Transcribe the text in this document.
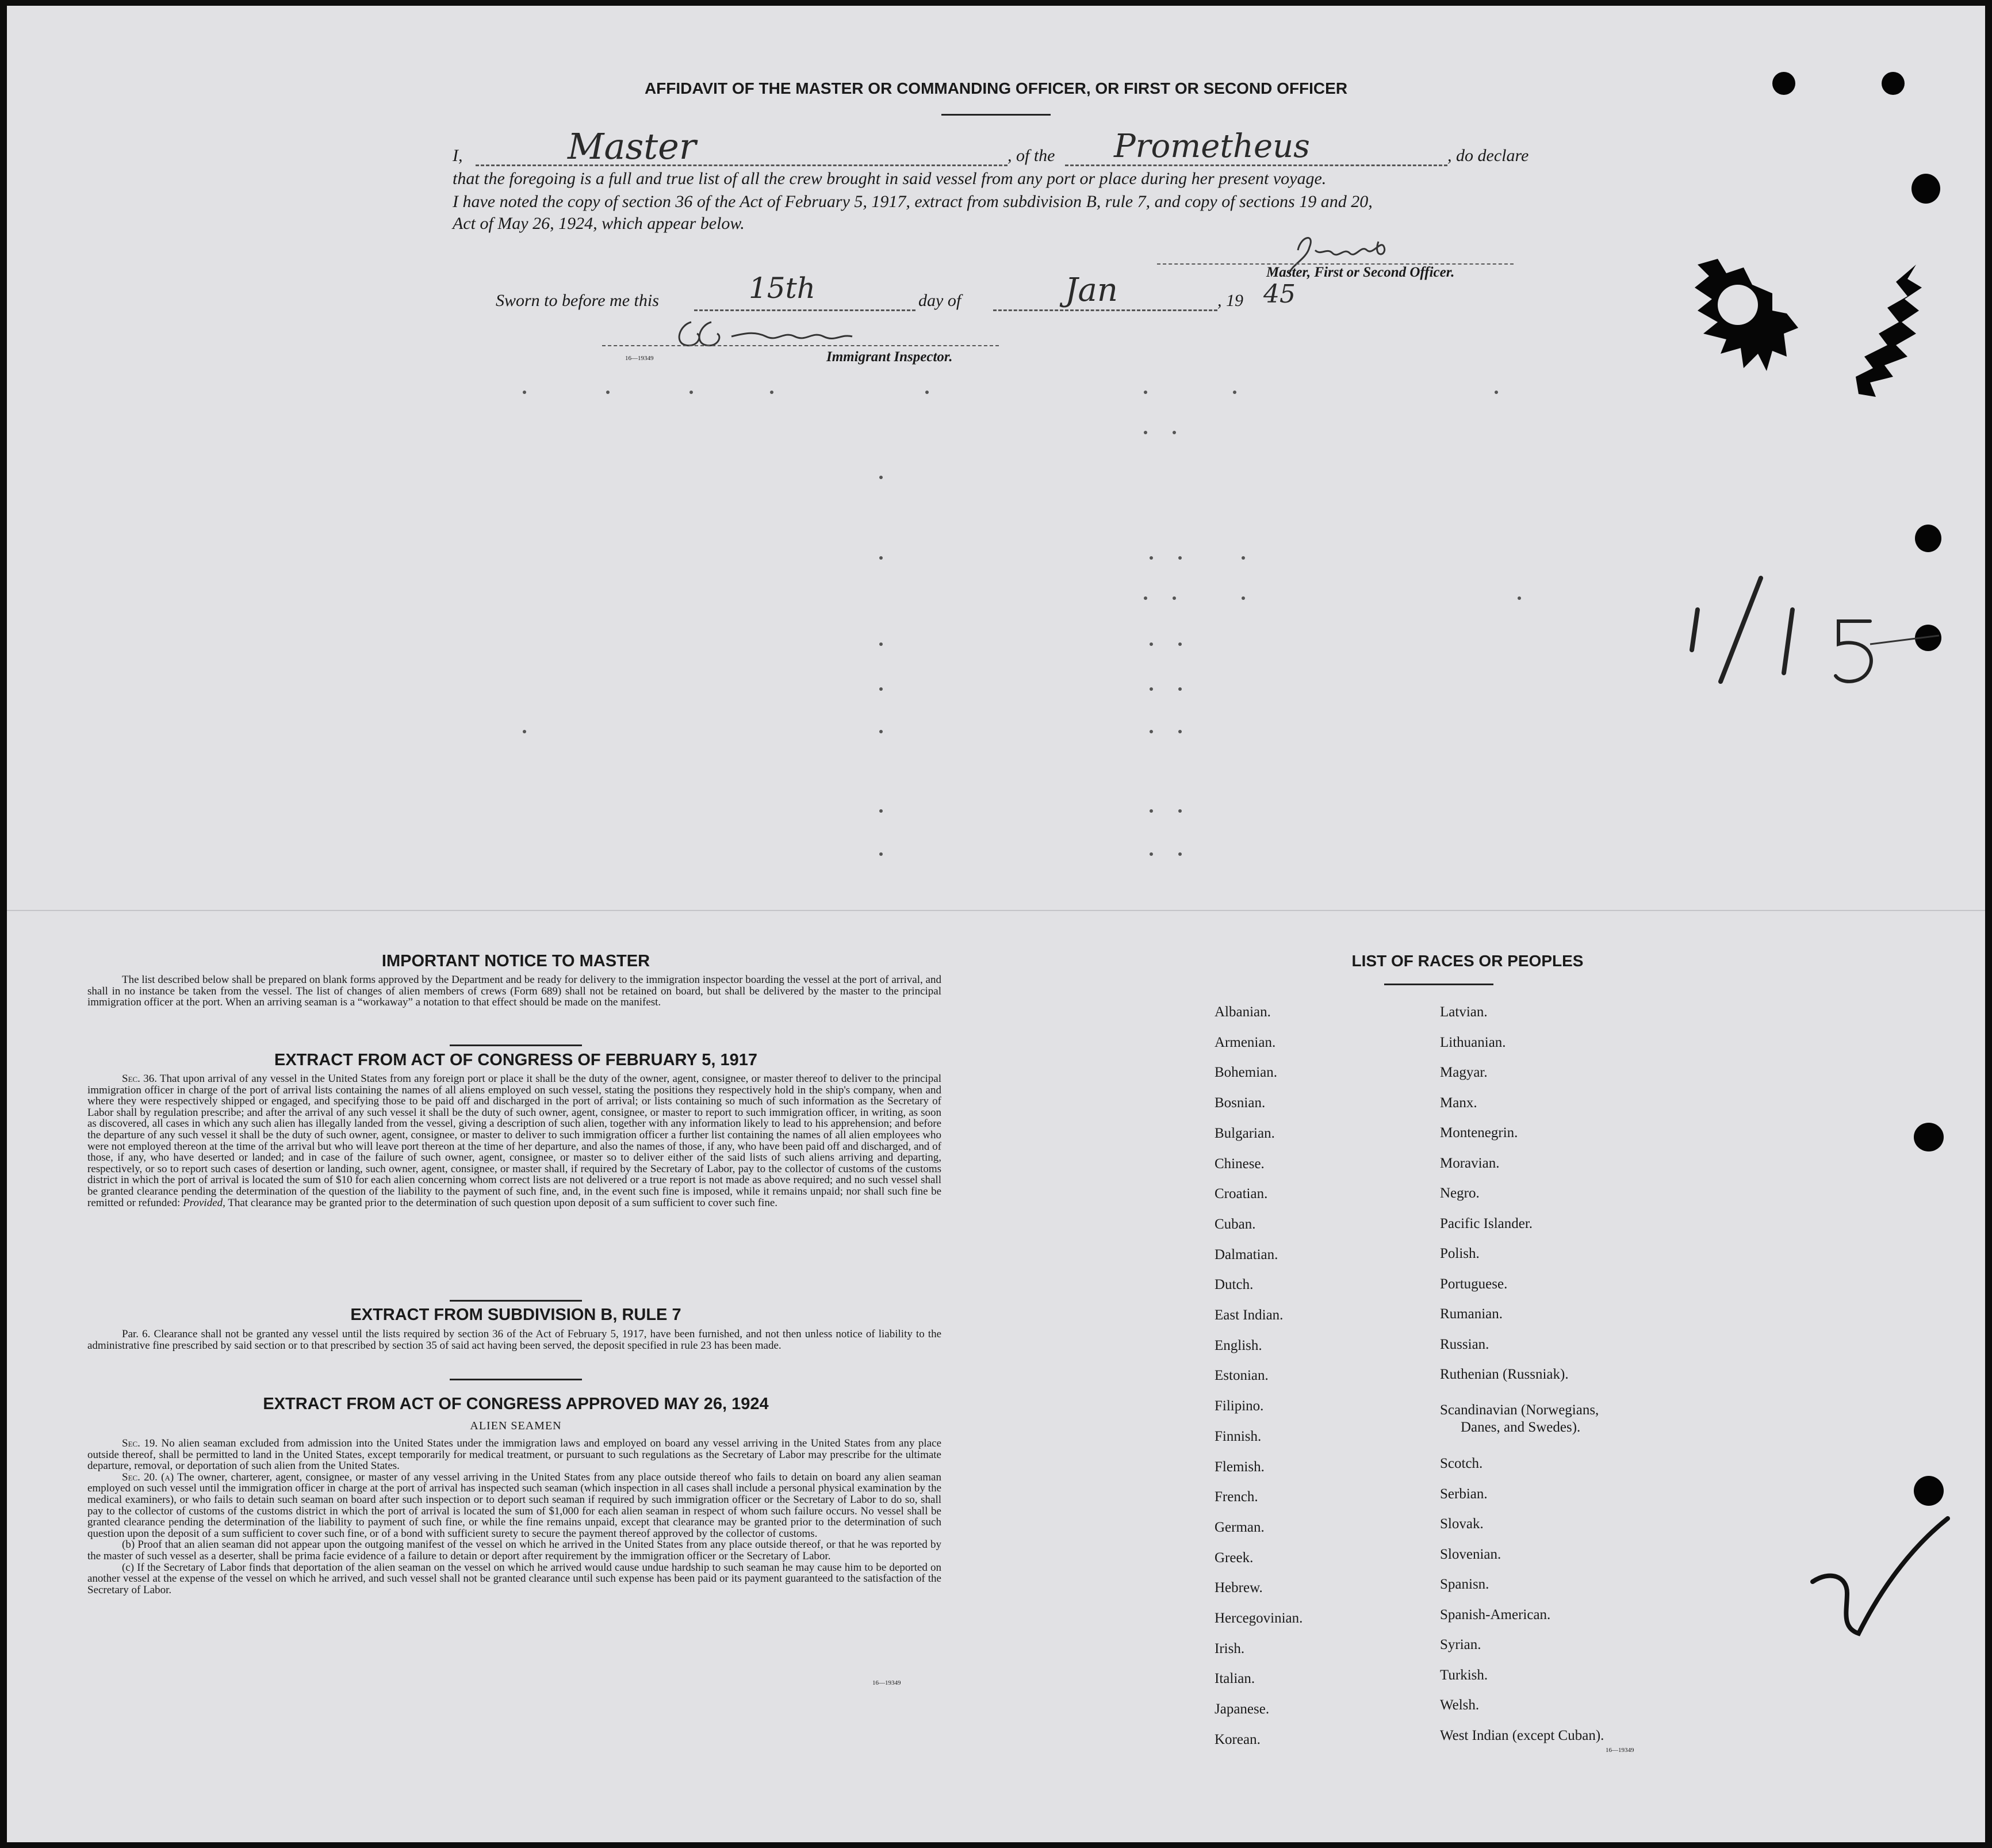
AFFIDAVIT OF THE MASTER OR COMMANDING OFFICER, OR FIRST OR SECOND OFFICER
I,	Master	, of the Prometheus	, do declare
that the foregoing is a full and true list of all the crew brought in said vessel from any port or place during her present voyage.
I have noted the copy of section 36 of the Act of February 5, 1917, extract from subdivision B, rule 7, and copy of sections 19 and 20,
Act of May 26, 1924, which appear below.
Master, First or Second Officer.
Sworn to before me this	15th	day of	Jan	, 19 45
16—19349	Immigrant Inspector.
IMPORTANT NOTICE TO MASTER
The list described below shall be prepared on blank forms approved by the Department and be ready for delivery to the immigration inspector boarding the vessel at the port of arrival, and shall in no instance be taken from the vessel. The list of changes of alien members of crews (Form 689) shall not be retained on board, but shall be delivered by the master to the principal immigration officer at the port. When an arriving seaman is a “workaway” a notation to that effect should be made on the manifest.
EXTRACT FROM ACT OF CONGRESS OF FEBRUARY 5, 1917
Sec. 36. That upon arrival of any vessel in the United States from any foreign port or place it shall be the duty of the owner, agent, consignee, or master thereof to deliver to the principal immigration officer in charge of the port of arrival lists containing the names of all aliens employed on such vessel, stating the positions they respectively hold in the ship's company, when and where they were respectively shipped or engaged, and specifying those to be paid off and discharged in the port of arrival; or lists containing so much of such information as the Secretary of Labor shall by regulation prescribe; and after the arrival of any such vessel it shall be the duty of such owner, agent, consignee, or master to report to such immigration officer, in writing, as soon as discovered, all cases in which any such alien has illegally landed from the vessel, giving a description of such alien, together with any information likely to lead to his apprehension; and before the departure of any such vessel it shall be the duty of such owner, agent, consignee, or master to deliver to such immigration officer a further list containing the names of all alien employees who were not employed thereon at the time of the arrival but who will leave port thereon at the time of her departure, and also the names of those, if any, who have been paid off and discharged, and of those, if any, who have deserted or landed; and in case of the failure of such owner, agent, consignee, or master so to deliver either of the said lists of such aliens arriving and departing, respectively, or so to report such cases of desertion or landing, such owner, agent, consignee, or master shall, if required by the Secretary of Labor, pay to the collector of customs of the customs district in which the port of arrival is located the sum of $10 for each alien concerning whom correct lists are not delivered or a true report is not made as above required; and no such vessel shall be granted clearance pending the determination of the question of the liability to the payment of such fine, and, in the event such fine is imposed, while it remains unpaid; nor shall such fine be remitted or refunded: Provided, That clearance may be granted prior to the determination of such question upon deposit of a sum sufficient to cover such fine.
EXTRACT FROM SUBDIVISION B, RULE 7
Par. 6. Clearance shall not be granted any vessel until the lists required by section 36 of the Act of February 5, 1917, have been furnished, and not then unless notice of liability to the administrative fine prescribed by said section or to that prescribed by section 35 of said act having been served, the deposit specified in rule 23 has been made.
EXTRACT FROM ACT OF CONGRESS APPROVED MAY 26, 1924
ALIEN SEAMEN
Sec. 19. No alien seaman excluded from admission into the United States under the immigration laws and employed on board any vessel arriving in the United States from any place outside thereof, shall be permitted to land in the United States, except temporarily for medical treatment, or pursuant to such regulations as the Secretary of Labor may prescribe for the ultimate departure, removal, or deportation of such alien from the United States.
Sec. 20. (a) The owner, charterer, agent, consignee, or master of any vessel arriving in the United States from any place outside thereof who fails to detain on board any alien seaman employed on such vessel until the immigration officer in charge at the port of arrival has inspected such seaman (which inspection in all cases shall include a personal physical examination by the medical examiners), or who fails to detain such seaman on board after such inspection or to deport such seaman if required by such immigration officer or the Secretary of Labor to do so, shall pay to the collector of customs of the customs district in which the port of arrival is located the sum of $1,000 for each alien seaman in respect of whom such failure occurs. No vessel shall be granted clearance pending the determination of the liability to payment of such fine, or while the fine remains unpaid, except that clearance may be granted prior to the determination of such question upon the deposit of a sum sufficient to cover such fine, or of a bond with sufficient surety to secure the payment thereof approved by the collector of customs.
(b) Proof that an alien seaman did not appear upon the outgoing manifest of the vessel on which he arrived in the United States from any place outside thereof, or that he was reported by the master of such vessel as a deserter, shall be prima facie evidence of a failure to detain or deport after requirement by the immigration officer or the Secretary of Labor.
(c) If the Secretary of Labor finds that deportation of the alien seaman on the vessel on which he arrived would cause undue hardship to such seaman he may cause him to be deported on another vessel at the expense of the vessel on which he arrived, and such vessel shall not be granted clearance until such expense has been paid or its payment guaranteed to the satisfaction of the Secretary of Labor.
16—19349
LIST OF RACES OR PEOPLES
Albanian.
Armenian.
Bohemian.
Bosnian.
Bulgarian.
Chinese.
Croatian.
Cuban.
Dalmatian.
Dutch.
East Indian.
English.
Estonian.
Filipino.
Finnish.
Flemish.
French.
German.
Greek.
Hebrew.
Hercegovinian.
Irish.
Italian.
Japanese.
Korean.
Latvian.
Lithuanian.
Magyar.
Manx.
Montenegrin.
Moravian.
Negro.
Pacific Islander.
Polish.
Portuguese.
Rumanian.
Russian.
Ruthenian (Russniak).
Scandinavian (Norwegians,
Danes, and Swedes).
Scotch.
Serbian.
Slovak.
Slovenian.
Spanisn.
Spanish-American.
Syrian.
Turkish.
Welsh.
West Indian (except Cuban).
16—19349
